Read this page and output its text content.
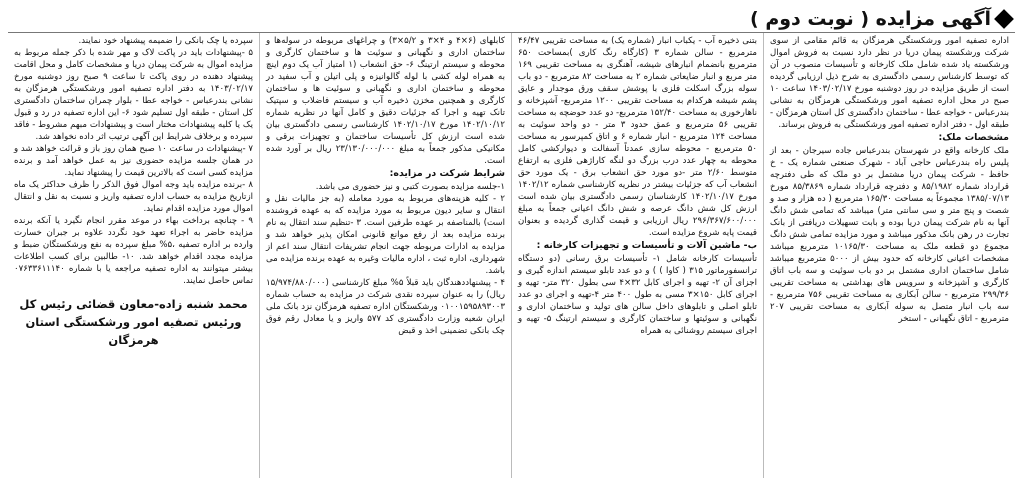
آگهی مزایده ( نوبت دوم )

اداره تصفیه امور ورشکستگی هرمزگان به قائم مقامی از سوی شرکت ورشکسته پیمان دریا در نظر دارد نسبت به فروش اموال ورشکسته یاد شده شامل ملک کارخانه و تأسیسات منصوب در آن که توسط کارشناس رسمی دادگستری به شرح ذیل ارزیابی گردیده است از طریق مزایده در روز دوشنبه مورخ ۱۴۰۳/۰۲/۱۷ ساعت ۱۰ صبح در محل اداره تصفیه امور ورشکستگی هرمزگان به نشانی بندرعباس - خواجه عطا - ساختمان دادگستری کل استان هرمزگان - طبقه اول - دفتر اداره تصفیه امور ورشکستگی به فروش برساند.

مشخصات ملک:

ملک کارخانه واقع در شهرستان بندرعباس جاده سیرجان - بعد از پلیس راه بندرعباس حاجی آباد - شهرک صنعتی شماره یک - خ حافظ - شرکت پیمان دریا مشتمل بر دو ملک که طی دفترچه قرارداد شماره ۸۵/۱۹۸۲ و دفترچه قرارداد شماره ۸۵/۳۸۶۹ مورخ ۱۳۸۵/۰۷/۱۳ مجموعاً به مساحت ۱۶۵/۳۰ مترمربع ( ده هزار و صد و شصت و پنج متر و سی سانتی متر) میباشد که تمامی شش دانگ آنها به نام شرکت پیمان دریا بوده و بابت تسهیلات دریافتی از بانک تجارت در رهن بانک مذکور میباشد و مورد مزایده تمامی شش دانگ مجموع دو قطعه ملک به مساحت ۱۰۱۶۵/۳۰ مترمربع میباشد مشخصات اعیانی کارخانه که حدود بیش از ۵۰۰۰ مترمربع میباشد شامل ساختمان اداری مشتمل بر دو باب سوئیت و سه باب اتاق کارگری و آشپزخانه و سرویس های بهداشتی به مساحت تقریبی ۲۹۹/۳۶ مترمربع - سالن آبکاری به مساحت تقریبی ۷۵۶ مترمربع - سه باب انبار متصل به سوله آبکاری به مساحت تقریبی ۲۰۷ مترمربع - اتاق نگهبانی - استخر

بتنی ذخیره آب - یکباب انبار (شماره یک) به مساحت تقریبی ۴۶/۴۷ مترمربع - سالن شماره ۳ (کارگاه رنگ کاری )بمساحت ۶۵۰ مترمربع بانضمام انبارهای شیشه، آهنگری به مساحت تقریبی ۱۶۹ متر مربع و انبار ضایعاتی شماره ۲ به مساحت ۸۲ مترمربع - دو باب سوله بزرگ اسکلت فلزی با پوشش سقف ورق موجدار و عایق پشم شیشه هرکدام به مساحت تقریبی ۱۲۰۰ مترمربع- آشپزخانه و ناهارخوری به مساحت ۱۵۲/۴۰ مترمربع- دو عدد حوضچه به مساحت تقریبی ۵۶ مترمربع و عمق حدود ۳ متر - دو واحد سوئیت به مساحت ۱۲۴ مترمربع - انبار شماره ۶ و اتاق کمپرسور به مساحت ۵۰ مترمربع - محوطه سازی عمدتاً آسفالت و دیوارکشی کامل محوطه به چهار عدد درب بزرگ دو لنگه کاراژهی فلزی به ارتفاع متوسط ۲/۶۰ متر -دو مورد حق انشعاب برق - یک مورد حق انشعاب آب که جزئیات بیشتر در نظریه کارشناسی شماره ۱۴۰۲/۱۲ مورخ ۱۴۰۲/۱۰/۱۷ کارشناسان رسمی دادگستری بیان شده است ارزش کل شش دانگ عرصه و شش دانگ اعیانی جمعاً به مبلغ ۲۹۶/۳۶۷/۶۰۰/۰۰۰ ریال ارزیابی و قیمت گذاری گردیده و بعنوان قیمت پایه شروع مزایده است.

ب- ماشین آلات و تأسیسات و تجهیزات کارخانه :

تأسیسات کارخانه شامل ۱- تأسیسات برق رسانی (دو دستگاه ترانسفورماتور ۳۱۵ ( کاوا ) ) و دو عدد تابلو سیستم اندازه گیری و اجزای آن ۲- تهیه و اجرای کابل ۳۲×۴ سی بطول ۳۲۰ متر- تهیه و اجرای کابل ۱۵۰×۳ مسی به طول ۴۰۰ متر ۴-تهیه و اجرای دو عدد تابلو اصلی و تابلوهای داخل سالن های تولید و ساختمان اداری و نگهبانی و سوئیتها و ساختمان کارگری و سیستم ارتینگ ۵- تهیه و اجرای سیستم روشنائی به همراه

کابلهای (۶×۴ و ۴×۳ و ۵/۲×۳) و چراغهای مربوطه در سوله‌ها و ساختمان اداری و نگهبانی و سوئیت ها و ساختمان کارگری و محوطه و سیستم ارتینگ ۶- حق انشعاب (۱ امتیاز آب یک دوم اینچ به همراه لوله کشی با لوله گالوانیزه و پلی اتیلن و آب سفید در محوطه و ساختمان اداری و نگهبانی و سوئیت ها و ساختمان کارگری و همچنین مخزن ذخیره آب و سیستم فاضلاب و سپتیک تانک تهیه و اجرا که جزئیات دقیق و کامل آنها در نظریه شماره ۱۴۰۲/۱۰/۱۲ مورخ ۱۴۰۲/۱۰/۱۷ کارشناسی رسمی دادگستری بیان شده است ارزش کل تأسیسات ساختمان و تجهیزات برقی و مکانیکی مذکور جمعاً به مبلغ ۲۳/۱۳۰/۰۰۰/۰۰۰ ریال بر آورد شده است.

شرایط شرکت در مزایده:

۱-جلسه مزایده بصورت کتبی و نیز حضوری می باشد.
۲ - کلیه هزینه‌های مربوط به مورد معامله (به جز مالیات نقل و انتقال و سایر دیون مربوط به مورد مزایده که به عهده فروشنده است) بالمناصفه بر عهده طرفین است. ۳ -تنظیم سند انتقال به نام برنده مزایده بعد از رفع موانع قانونی امکان پذیر خواهد شد و مزایده به ادارات مربوطه جهت انجام تشریفات انتقال سند اعم از شهرداری، اداره ثبت ، اداره مالیات وغیره به عهده برنده مزایده می باشد.
۴ - پیشنهاددهندگان باید قبلاً ۵% مبلغ کارشناسی (۱۵/۹۷۴/۸۸۰/۰۰۰ ریال) را به عنوان سپرده نقدی شرکت در مزایده به حساب شماره ۰۱۰۰۱۵۹۵۸۹۳۰۰۳ ورشکستگان اداره تصفیه هرمزگان نزد بانک ملی ایران شعبه وزارت دادگستری کد ۵۷۷ واریز و یا معادل رقم فوق چک بانکی تضمینی اخذ و قبض

سپرده یا چک بانکی را ضمیمه پیشنهاد خود نمایند.
۵ -پیشنهادات باید در پاکت لاک و مهر شده با ذکر جمله مربوط به مزایده اموال به شرکت پیمان دریا و مشخصات کامل و محل اقامت پیشنهاد دهنده در روی پاکت تا ساعت ۹ صبح روز دوشنبه مورخ ۱۴۰۳/۰۲/۱۷ به دفتر اداره تصفیه امور ورشکستگی هرمزگان به نشانی بندرعباس - خواجه عطا - بلوار چمران ساختمان دادگستری کل استان - طبقه اول تسلیم شود ۶- این اداره تصفیه در رد و قبول یک یا کلیه پیشنهادات مختار است و پیشنهادات مبهم مشروط - فاقد سپرده و برخلاف شرایط این آگهی ترتیب اثر داده نخواهد شد.
۷ -پیشنهادات در ساعت ۱۰ صبح همان روز باز و قرائت خواهد شد و در همان جلسه مزایده حضوری نیز به عمل خواهد آمد و برنده مزایده کسی است که بالاترین قیمت را پیشنهاد نماید.
۸ -برنده مزایده باید وجه اموال فوق الذکر را ظرف حداکثر یک ماه ازتاریخ مزایده به حساب اداره تصفیه واریز و نسبت به نقل و انتقال اموال مورد مزایده اقدام نماید.
۹ - چنانچه برداخت بهاء در موعد مقرر انجام نگیرد یا آنکه برنده مزایده حاضر به اجراء تعهد خود نگردد علاوه بر جبران خسارت وارده بر اداره تصفیه ،۵% مبلغ سپرده به نفع ورشکستگان ضبط و مزایده مجدد اقدام خواهد شد. ۱۰- طالبین برای کسب اطلاعات بیشتر میتوانند به اداره تصفیه مراجعه یا با شماره ۰۷۶۳۳۶۱۱۱۴۰ تماس حاصل نمایند.

محمد شنبه زاده-معاون قضائی رئیس کل
ورئیس تصفیه امور ورشکستگی استان هرمزگان
